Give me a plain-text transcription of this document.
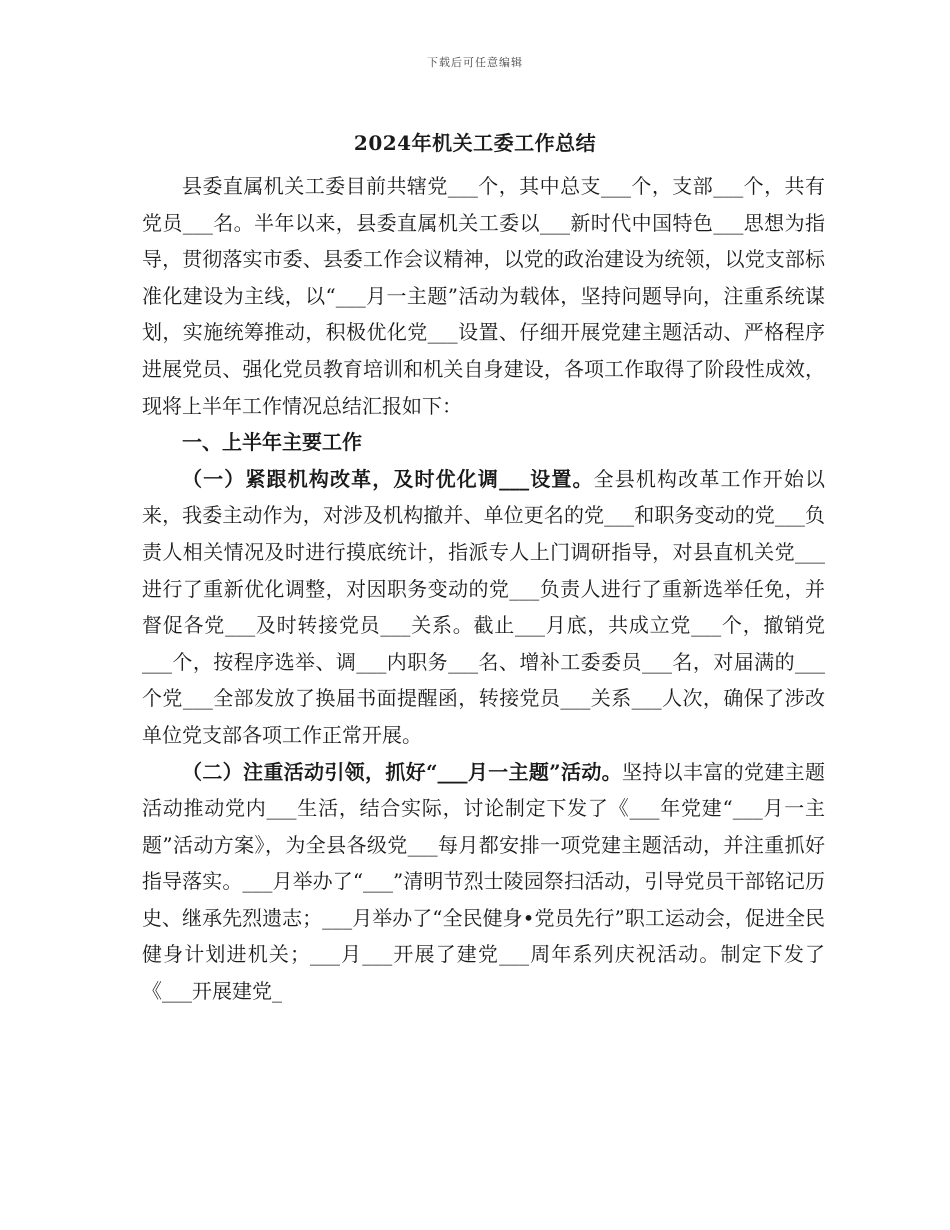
下载后可任意编辑
2024年机关工委工作总结

县委直属机关工委目前共辖党___个，其中总支___个，支部___个，共有党员___名。半年以来，县委直属机关工委以___新时代中国特色___思想为指导，贯彻落实市委、县委工作会议精神，以党的政治建设为统领，以党支部标准化建设为主线，以“___月一主题”活动为载体，坚持问题导向，注重系统谋划，实施统筹推动，积极优化党___设置、仔细开展党建主题活动、严格程序进展党员、强化党员教育培训和机关自身建设，各项工作取得了阶段性成效，现将上半年工作情况总结汇报如下：

一、上半年主要工作

（一）紧跟机构改革，及时优化调___设置。全县机构改革工作开始以来，我委主动作为，对涉及机构撤并、单位更名的党___和职务变动的党___负责人相关情况及时进行摸底统计，指派专人上门调研指导，对县直机关党___进行了重新优化调整，对因职务变动的党___负责人进行了重新选举任免，并督促各党___及时转接党员___关系。截止___月底，共成立党___个，撤销党___个，按程序选举、调___内职务___名、增补工委委员___名，对届满的___个党___全部发放了换届书面提醒函，转接党员___关系___人次，确保了涉改单位党支部各项工作正常开展。

（二）注重活动引领，抓好“___月一主题”活动。坚持以丰富的党建主题活动推动党内___生活，结合实际，讨论制定下发了《___年党建“___月一主题”活动方案》，为全县各级党___每月都安排一项党建主题活动，并注重抓好指导落实。___月举办了“___”清明节烈士陵园祭扫活动，引导党员干部铭记历史、继承先烈遗志；___月举办了“全民健身•党员先行”职工运动会，促进全民健身计划进机关；___月___开展了建党___周年系列庆祝活动。制定下发了《___开展建党_
